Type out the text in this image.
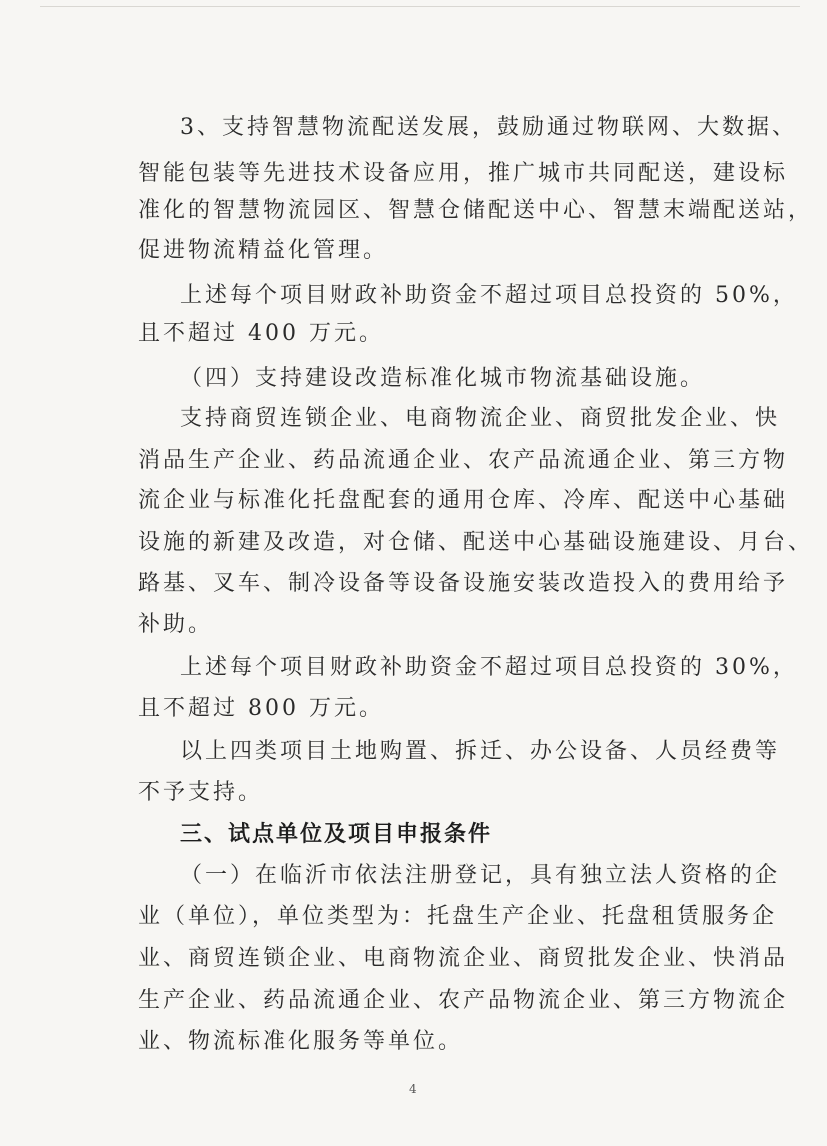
3、支持智慧物流配送发展，鼓励通过物联网、大数据、
智能包装等先进技术设备应用，推广城市共同配送，建设标
准化的智慧物流园区、智慧仓储配送中心、智慧末端配送站，
促进物流精益化管理。
上述每个项目财政补助资金不超过项目总投资的 50%，
且不超过 400 万元。
（四）支持建设改造标准化城市物流基础设施。
支持商贸连锁企业、电商物流企业、商贸批发企业、快
消品生产企业、药品流通企业、农产品流通企业、第三方物
流企业与标准化托盘配套的通用仓库、冷库、配送中心基础
设施的新建及改造，对仓储、配送中心基础设施建设、月台、
路基、叉车、制冷设备等设备设施安装改造投入的费用给予
补助。
上述每个项目财政补助资金不超过项目总投资的 30%，
且不超过 800 万元。
以上四类项目土地购置、拆迁、办公设备、人员经费等
不予支持。
三、试点单位及项目申报条件
（一）在临沂市依法注册登记，具有独立法人资格的企
业（单位），单位类型为：托盘生产企业、托盘租赁服务企
业、商贸连锁企业、电商物流企业、商贸批发企业、快消品
生产企业、药品流通企业、农产品物流企业、第三方物流企
业、物流标准化服务等单位。
4
